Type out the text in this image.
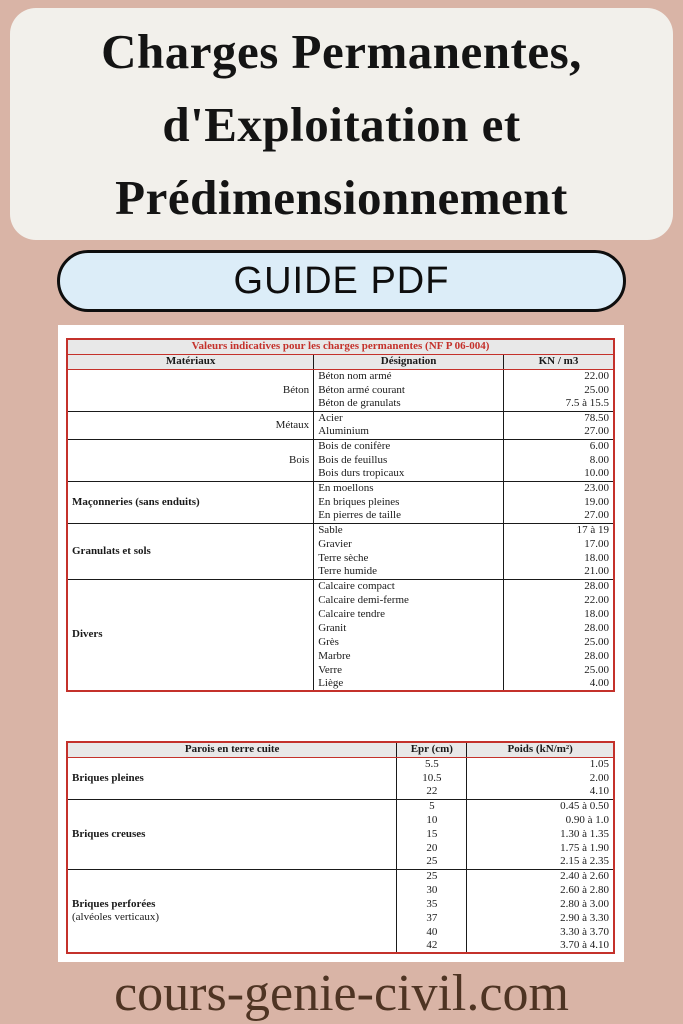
Charges Permanentes,
d'Exploitation et
Prédimensionnement
GUIDE PDF
Valeurs indicatives pour les charges permanentes (NF P 06-004)		
Matériaux	Désignation	KN / m3

Béton	Béton nom armé	22.00
	Béton armé courant	25.00
	Béton de granulats	7.5 à 15.5

Métaux	Acier	78.50
	Aluminium	27.00

Bois	Bois de conifère	6.00
	Bois de feuillus	8.00
	Bois durs tropicaux	10.00

Maçonneries (sans enduits)	En moellons	23.00
	En briques pleines	19.00
	En pierres de taille	27.00

Granulats et sols	Sable	17 à 19
	Gravier	17.00
	Terre sèche	18.00
	Terre humide	21.00

Divers	Calcaire compact	28.00
	Calcaire demi-ferme	22.00
	Calcaire tendre	18.00
	Granit	28.00
	Grès	25.00
	Marbre	28.00
	Verre	25.00
	Liège	4.00
Parois en terre cuite	Epr (cm)	Poids (kN/m²)

Briques pleines	5.5	1.05
	10.5	2.00
	22	4.10

Briques creuses	5	0.45 à 0.50
	10	0.90 à 1.0
	15	1.30 à 1.35
	20	1.75 à 1.90
	25	2.15 à 2.35

Briques perforées
(alvéoles verticaux)	25	2.40 à 2.60
	30	2.60 à 2.80
	35	2.80 à 3.00
	37	2.90 à 3.30
	40	3.30 à 3.70
	42	3.70 à 4.10
cours-genie-civil.com
